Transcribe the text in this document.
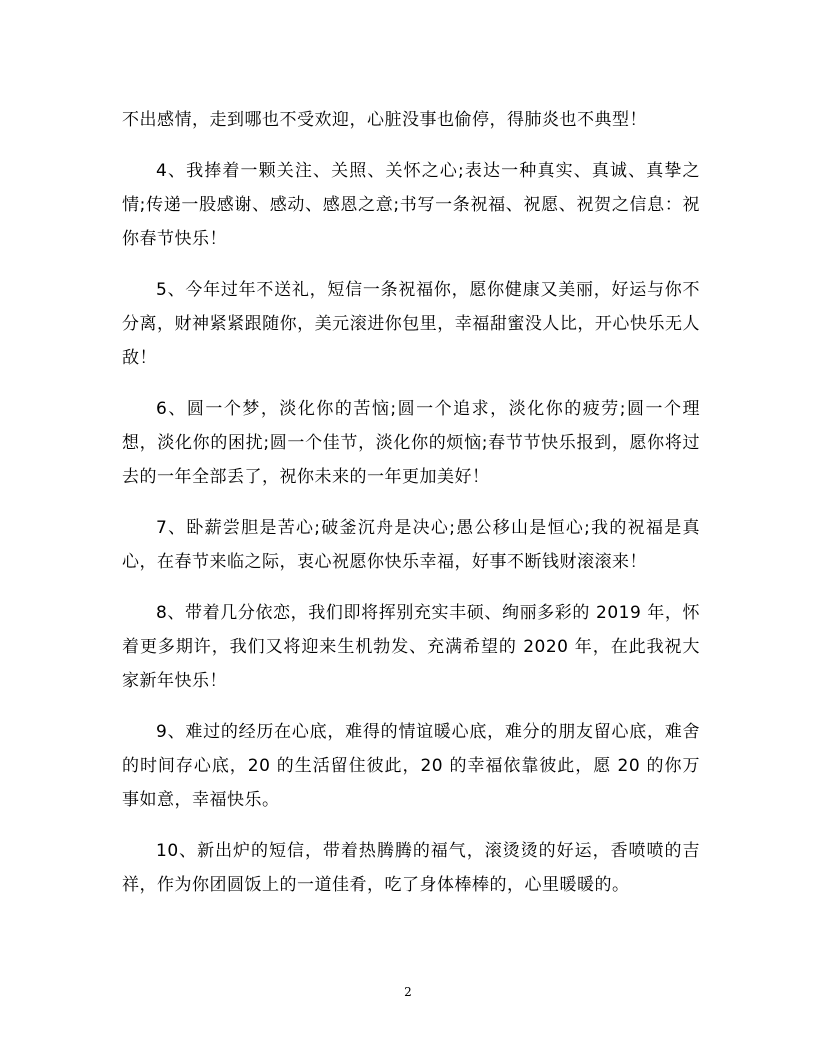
不出感情，走到哪也不受欢迎，心脏没事也偷停，得肺炎也不典型！

4、我捧着一颗关注、关照、关怀之心;表达一种真实、真诚、真挚之情;传递一股感谢、感动、感恩之意;书写一条祝福、祝愿、祝贺之信息：祝你春节快乐！

5、今年过年不送礼，短信一条祝福你，愿你健康又美丽，好运与你不分离，财神紧紧跟随你，美元滚进你包里，幸福甜蜜没人比，开心快乐无人敌！

6、圆一个梦，淡化你的苦恼;圆一个追求，淡化你的疲劳;圆一个理想，淡化你的困扰;圆一个佳节，淡化你的烦恼;春节节快乐报到，愿你将过去的一年全部丢了，祝你未来的一年更加美好！

7、卧薪尝胆是苦心;破釜沉舟是决心;愚公移山是恒心;我的祝福是真心，在春节来临之际，衷心祝愿你快乐幸福，好事不断钱财滚滚来！

8、带着几分依恋，我们即将挥别充实丰硕、绚丽多彩的 2019 年，怀着更多期许，我们又将迎来生机勃发、充满希望的 2020 年，在此我祝大家新年快乐！

9、难过的经历在心底，难得的情谊暖心底，难分的朋友留心底，难舍的时间存心底，20 的生活留住彼此，20 的幸福依靠彼此，愿 20 的你万事如意，幸福快乐。

10、新出炉的短信，带着热腾腾的福气，滚烫烫的好运，香喷喷的吉祥，作为你团圆饭上的一道佳肴，吃了身体棒棒的，心里暖暖的。

2
